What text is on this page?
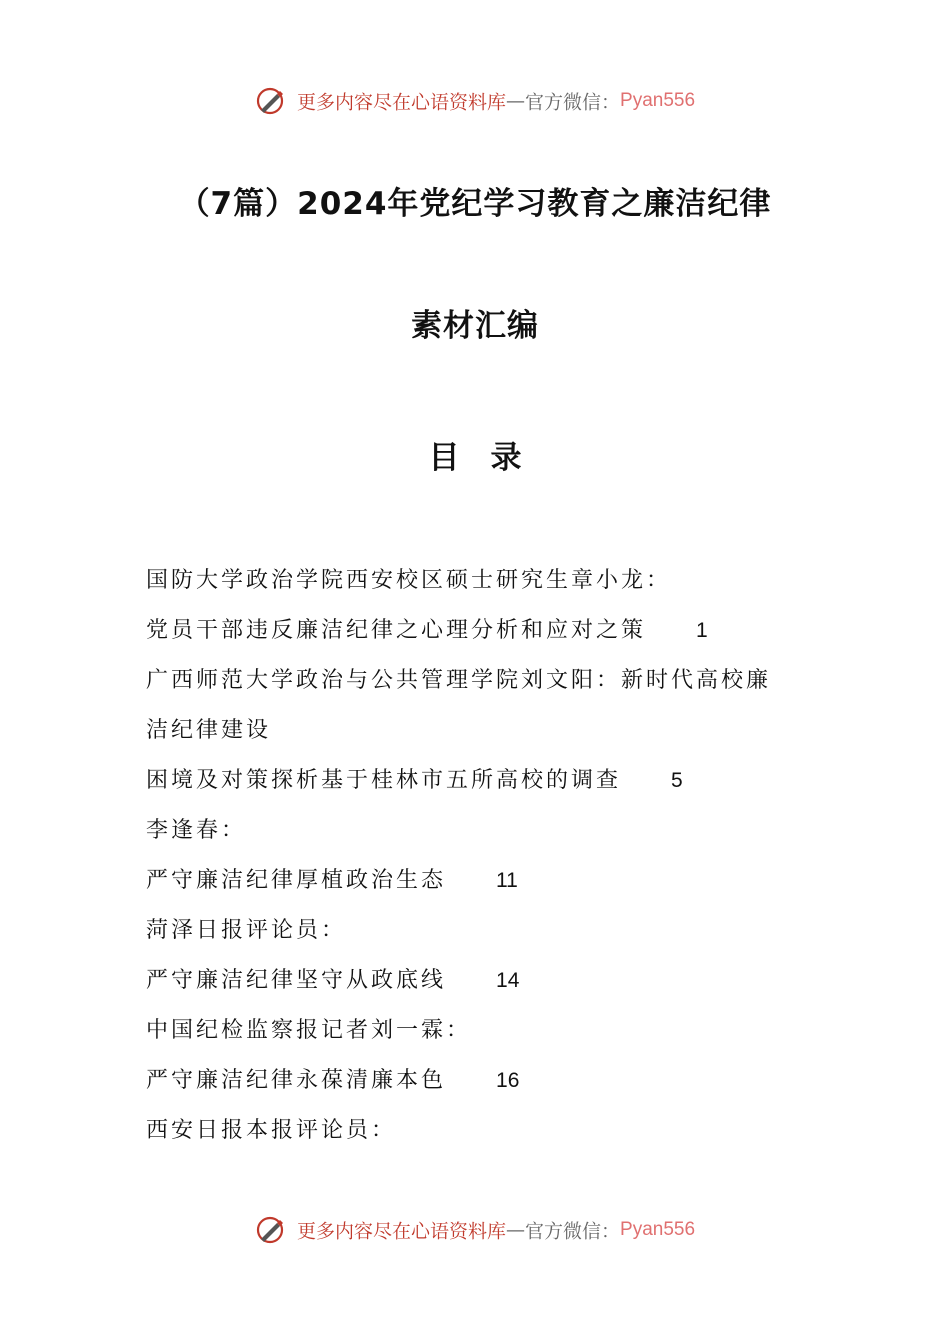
更多内容尽在心语资料库—官方微信：Pyan556
（7篇）2024年党纪学习教育之廉洁纪律
素材汇编
目　录
国防大学政治学院西安校区硕士研究生章小龙：
党员干部违反廉洁纪律之心理分析和应对之策 1
广西师范大学政治与公共管理学院刘文阳：新时代高校廉
洁纪律建设
困境及对策探析基于桂林市五所高校的调查 5
李逢春：
严守廉洁纪律厚植政治生态 11
菏泽日报评论员：
严守廉洁纪律坚守从政底线 14
中国纪检监察报记者刘一霖：
严守廉洁纪律永葆清廉本色 16
西安日报本报评论员：
更多内容尽在心语资料库—官方微信：Pyan556
